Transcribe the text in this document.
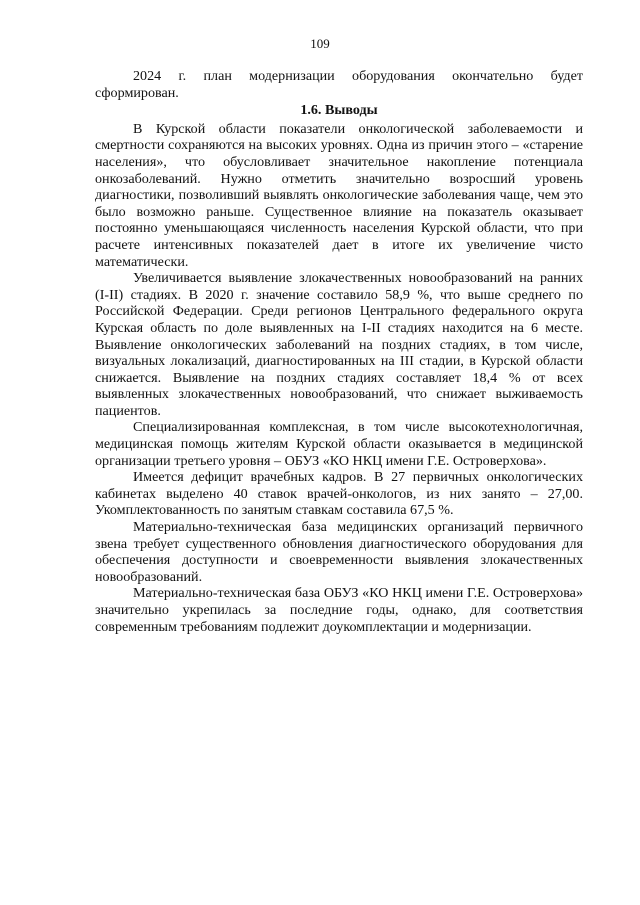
109

2024 г. план модернизации оборудования окончательно будет сформирован.

1.6. Выводы

В Курской области показатели онкологической заболеваемости и смертности сохраняются на высоких уровнях. Одна из причин этого – «старение населения», что обусловливает значительное накопление потенциала онкозаболеваний. Нужно отметить значительно возросший уровень диагностики, позволивший выявлять онкологические заболевания чаще, чем это было возможно раньше. Существенное влияние на показатель оказывает постоянно уменьшающаяся численность населения Курской области, что при расчете интенсивных показателей дает в итоге их увеличение чисто математически.

Увеличивается выявление злокачественных новообразований на ранних (I-II) стадиях. В 2020 г. значение составило 58,9 %, что выше среднего по Российской Федерации. Среди регионов Центрального федерального округа Курская область по доле выявленных на I-II стадиях находится на 6 месте. Выявление онкологических заболеваний на поздних стадиях, в том числе, визуальных локализаций, диагностированных на III стадии, в Курской области снижается. Выявление на поздних стадиях составляет 18,4 % от всех выявленных злокачественных новообразований, что снижает выживаемость пациентов.

Специализированная комплексная, в том числе высокотехнологичная, медицинская помощь жителям Курской области оказывается в медицинской организации третьего уровня – ОБУЗ «КО НКЦ имени Г.Е. Островерхова».

Имеется дефицит врачебных кадров. В 27 первичных онкологических кабинетах выделено 40 ставок врачей-онкологов, из них занято – 27,00. Укомплектованность по занятым ставкам составила 67,5 %.

Материально-техническая база медицинских организаций первичного звена требует существенного обновления диагностического оборудования для обеспечения доступности и своевременности выявления злокачественных новообразований.

Материально-техническая база ОБУЗ «КО НКЦ имени Г.Е. Островерхова» значительно укрепилась за последние годы, однако, для соответствия современным требованиям подлежит доукомплектации и модернизации.
